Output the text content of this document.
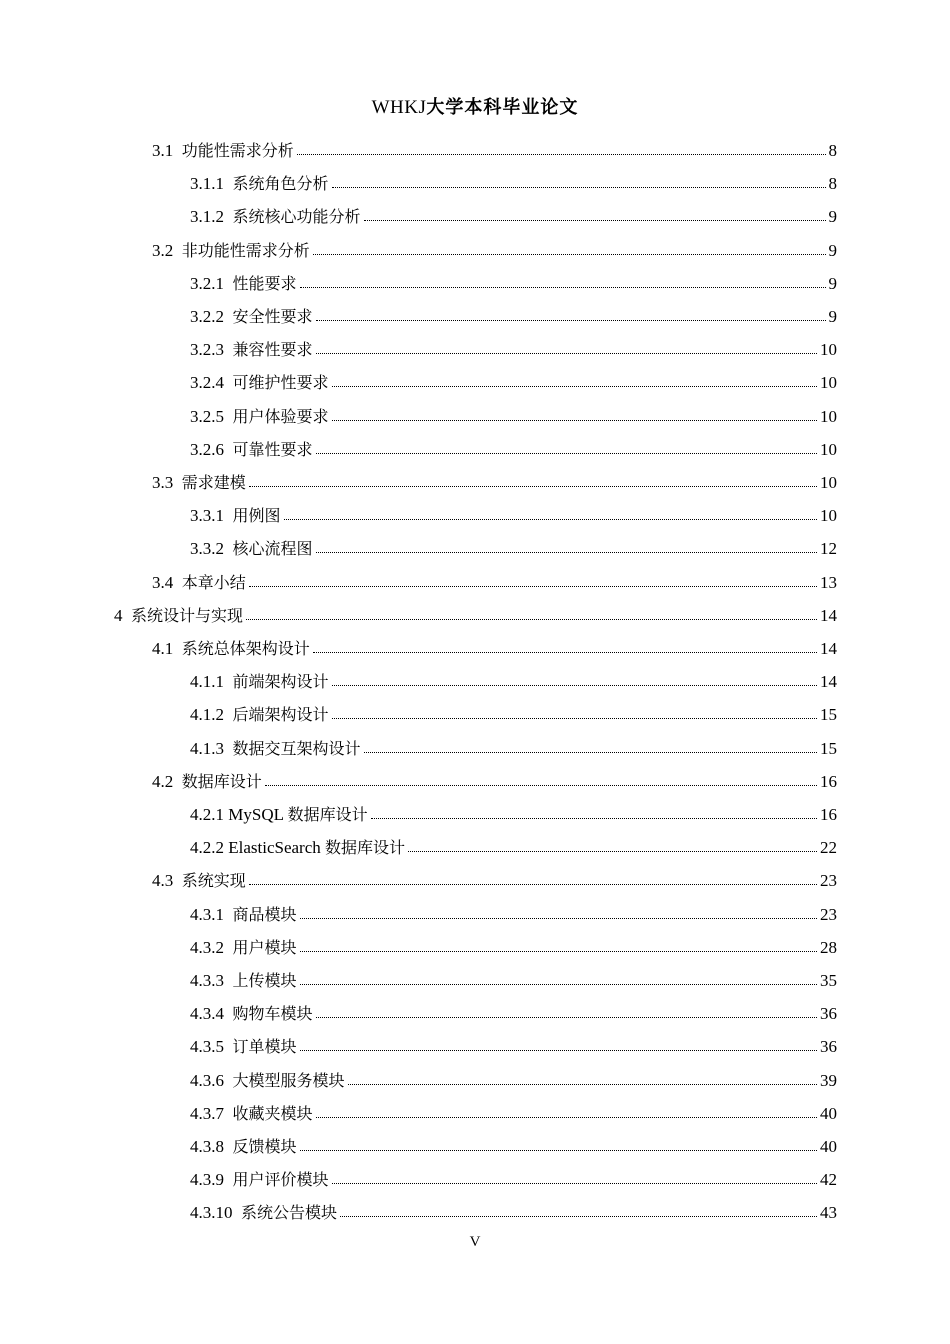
WHKJ大学本科毕业论文
3.1 功能性需求分析	8
3.1.1 系统角色分析	8
3.1.2 系统核心功能分析	9
3.2 非功能性需求分析	9
3.2.1 性能要求	9
3.2.2 安全性要求	9
3.2.3 兼容性要求	10
3.2.4 可维护性要求	10
3.2.5 用户体验要求	10
3.2.6 可靠性要求	10
3.3 需求建模	10
3.3.1 用例图	10
3.3.2 核心流程图	12
3.4 本章小结	13
4 系统设计与实现	14
4.1 系统总体架构设计	14
4.1.1 前端架构设计	14
4.1.2 后端架构设计	15
4.1.3 数据交互架构设计	15
4.2 数据库设计	16
4.2.1 MySQL 数据库设计	16
4.2.2 ElasticSearch 数据库设计	22
4.3 系统实现	23
4.3.1 商品模块	23
4.3.2 用户模块	28
4.3.3 上传模块	35
4.3.4 购物车模块	36
4.3.5 订单模块	36
4.3.6 大模型服务模块	39
4.3.7 收藏夹模块	40
4.3.8 反馈模块	40
4.3.9 用户评价模块	42
4.3.10 系统公告模块	43
V
